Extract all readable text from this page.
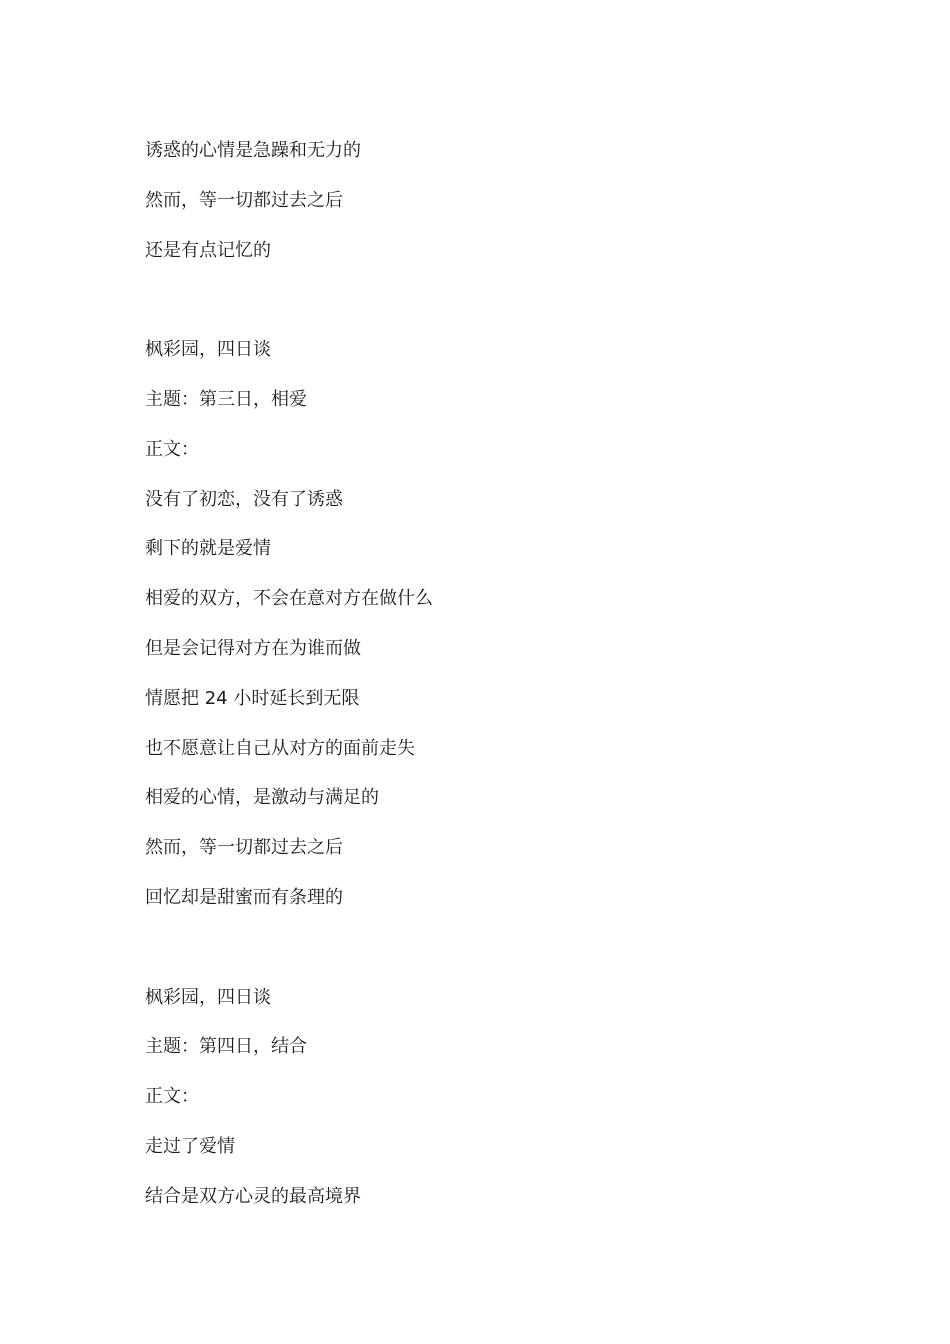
诱惑的心情是急躁和无力的
然而，等一切都过去之后
还是有点记忆的
枫彩园，四日谈
主题：第三日，相爱
正文：
没有了初恋，没有了诱惑
剩下的就是爱情
相爱的双方，不会在意对方在做什么
但是会记得对方在为谁而做
情愿把 24 小时延长到无限
也不愿意让自己从对方的面前走失
相爱的心情，是激动与满足的
然而，等一切都过去之后
回忆却是甜蜜而有条理的
枫彩园，四日谈
主题：第四日，结合
正文：
走过了爱情
结合是双方心灵的最高境界
